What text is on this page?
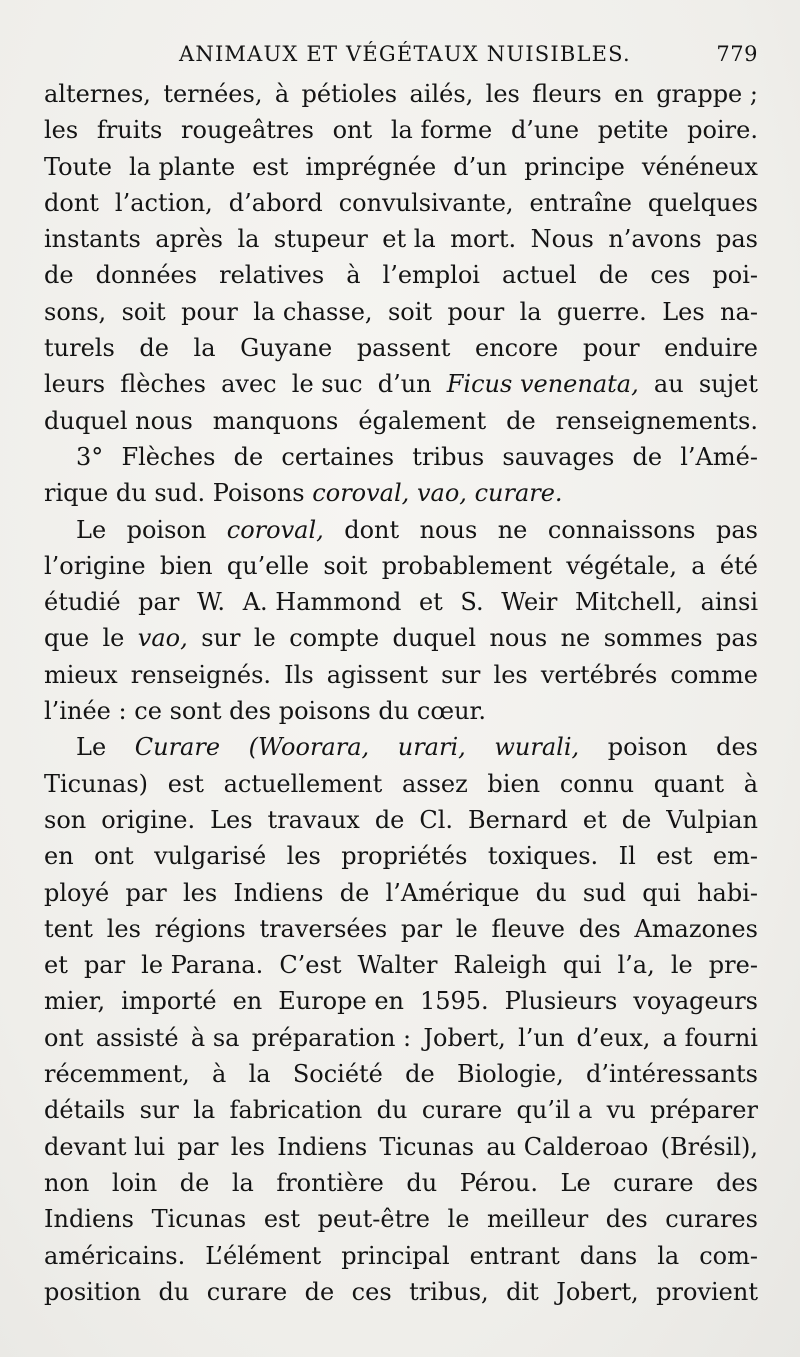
ANIMAUX ET VÉGÉTAUX NUISIBLES.	779
alternes, ternées, à pétioles ailés, les fleurs en grappe ;
les fruits rougeâtres ont la forme d’une petite poire.
Toute la plante est imprégnée d’un principe vénéneux
dont l’action, d’abord convulsivante, entraîne quelques
instants après la stupeur et la mort. Nous n’avons pas
de données relatives à l’emploi actuel de ces poi-
sons, soit pour la chasse, soit pour la guerre. Les na-
turels de la Guyane passent encore pour enduire
leurs flèches avec le suc d’un Ficus venenata, au sujet
duquel nous manquons également de renseignements.
3° Flèches de certaines tribus sauvages de l’Amé-
rique du sud. Poisons coroval, vao, curare.
Le poison coroval, dont nous ne connaissons pas
l’origine bien qu’elle soit probablement végétale, a été
étudié par W. A. Hammond et S. Weir Mitchell, ainsi
que le vao, sur le compte duquel nous ne sommes pas
mieux renseignés. Ils agissent sur les vertébrés comme
l’inée : ce sont des poisons du cœur.
Le Curare (Woorara, urari, wurali, poison des
Ticunas) est actuellement assez bien connu quant à
son origine. Les travaux de Cl. Bernard et de Vulpian
en ont vulgarisé les propriétés toxiques. Il est em-
ployé par les Indiens de l’Amérique du sud qui habi-
tent les régions traversées par le fleuve des Amazones
et par le Parana. C’est Walter Raleigh qui l’a, le pre-
mier, importé en Europe en 1595. Plusieurs voyageurs
ont assisté à sa préparation : Jobert, l’un d’eux, a fourni
récemment, à la Société de Biologie, d’intéressants
détails sur la fabrication du curare qu’il a vu préparer
devant lui par les Indiens Ticunas au Calderoao (Brésil),
non loin de la frontière du Pérou. Le curare des
Indiens Ticunas est peut-être le meilleur des curares
américains. L’élément principal entrant dans la com-
position du curare de ces tribus, dit Jobert, provient
